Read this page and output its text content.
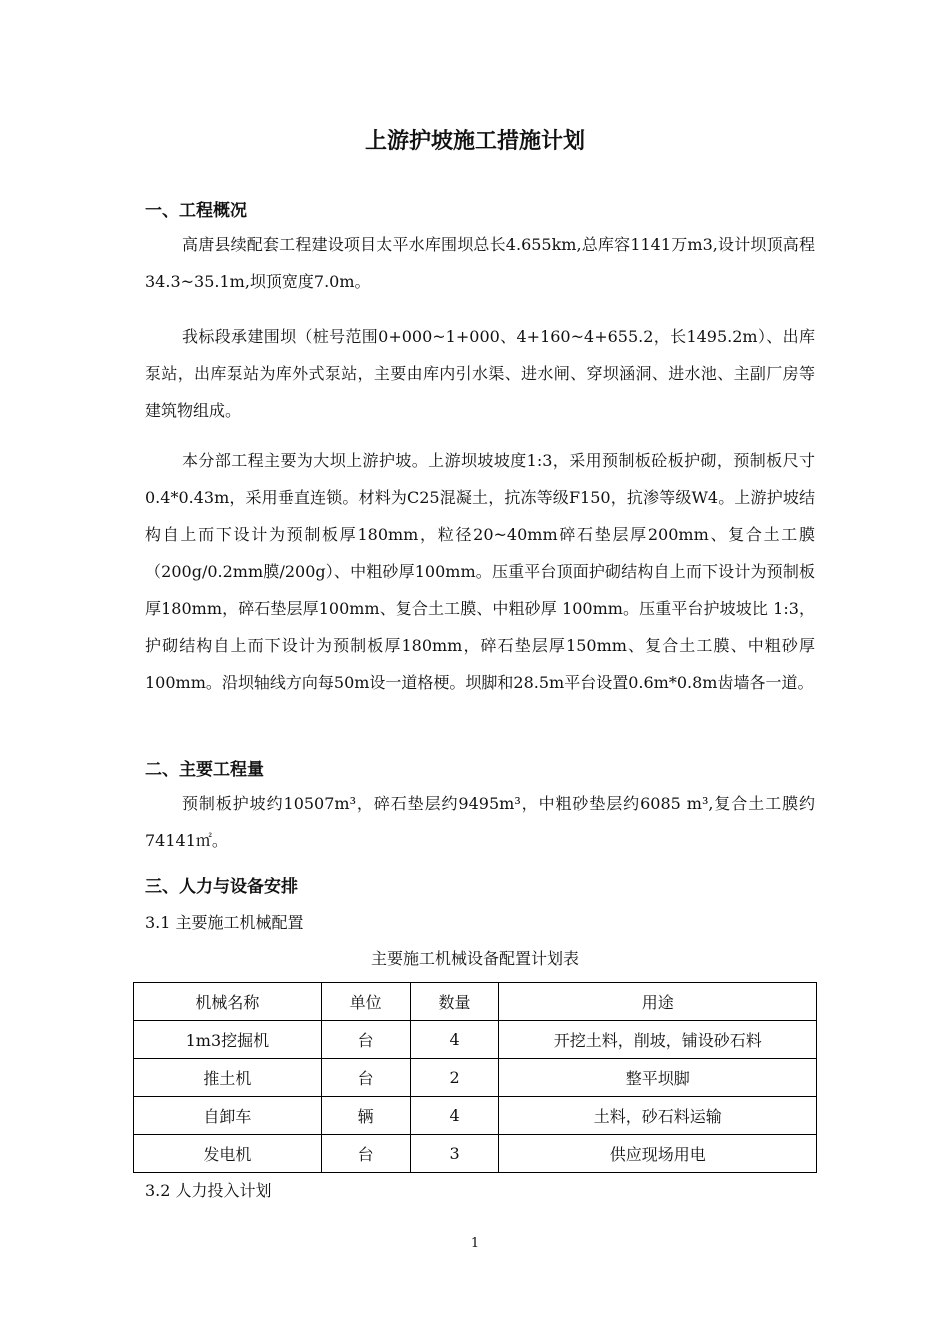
上游护坡施工措施计划
一、工程概况
高唐县续配套工程建设项目太平水库围坝总长4.655km,总库容1141万m3,设计坝顶高程34.3~35.1m,坝顶宽度7.0m。
我标段承建围坝（桩号范围0+000~1+000、4+160~4+655.2，长1495.2m）、出库泵站，出库泵站为库外式泵站，主要由库内引水渠、进水闸、穿坝涵洞、进水池、主副厂房等建筑物组成。
本分部工程主要为大坝上游护坡。上游坝坡坡度1:3，采用预制板砼板护砌，预制板尺寸0.4*0.43m，采用垂直连锁。材料为C25混凝土，抗冻等级F150，抗渗等级W4。上游护坡结构自上而下设计为预制板厚180mm，粒径20~40mm碎石垫层厚200mm、复合土工膜（200g/0.2mm膜/200g）、中粗砂厚100mm。压重平台顶面护砌结构自上而下设计为预制板厚180mm，碎石垫层厚100mm、复合土工膜、中粗砂厚 100mm。压重平台护坡坡比 1:3，护砌结构自上而下设计为预制板厚180mm，碎石垫层厚150mm、复合土工膜、中粗砂厚100mm。沿坝轴线方向每50m设一道格梗。坝脚和28.5m平台设置0.6m*0.8m齿墙各一道。
二、主要工程量
预制板护坡约10507m³，碎石垫层约9495m³，中粗砂垫层约6085 m³,复合土工膜约74141㎡。
三、人力与设备安排
3.1 主要施工机械配置
主要施工机械设备配置计划表
机械名称	单位	数量	用途
1m3挖掘机	台	4	开挖土料，削坡，铺设砂石料
推土机	台	2	整平坝脚
自卸车	辆	4	土料，砂石料运输
发电机	台	3	供应现场用电
3.2 人力投入计划
1
